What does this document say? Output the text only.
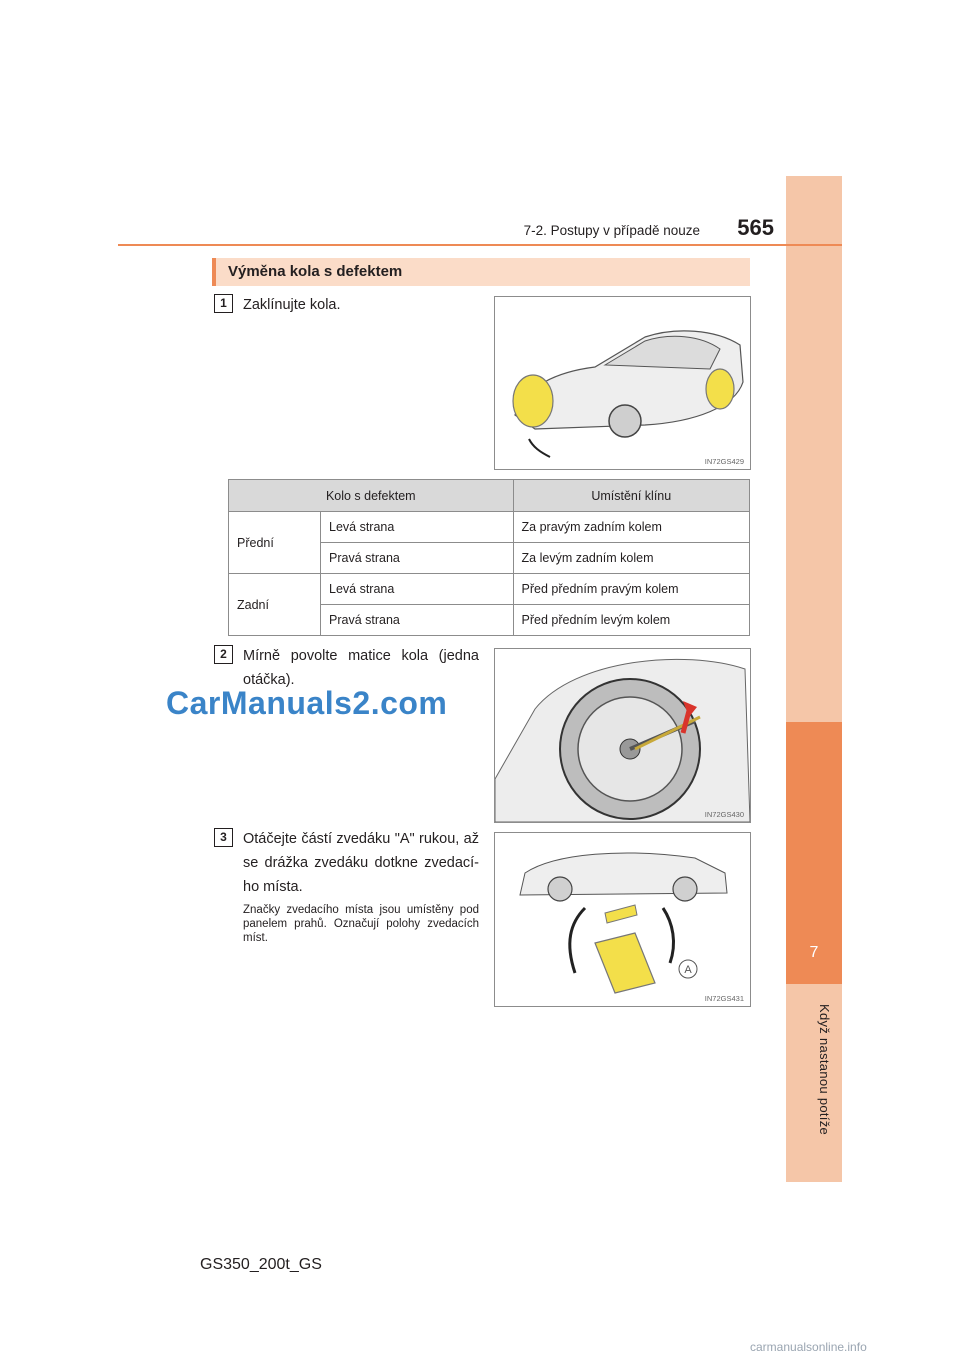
7
Když nastanou potíže
7-2. Postupy v případě nouze	565
Výměna kola s defektem
1	Zaklínujte kola.
IN72GS429
Kolo s defektem		Umístění klínu
Přední	Levá strana	Za pravým zadním kolem
	Pravá strana	Za levým zadním kolem
Zadní	Levá strana	Před předním pravým kolem
	Pravá strana	Před předním levým kolem
2	Mírně povolte matice kola (jedna otáčka).
IN72GS430
CarManuals2.com
3	Otáčejte částí zvedáku "A" rukou, až se drážka zvedáku dotkne zvedací-ho místa.
Značky zvedacího místa jsou umístěny pod panelem prahů. Označují polohy zvedacích míst.
A
IN72GS431
GS350_200t_GS
carmanualsonline.info
